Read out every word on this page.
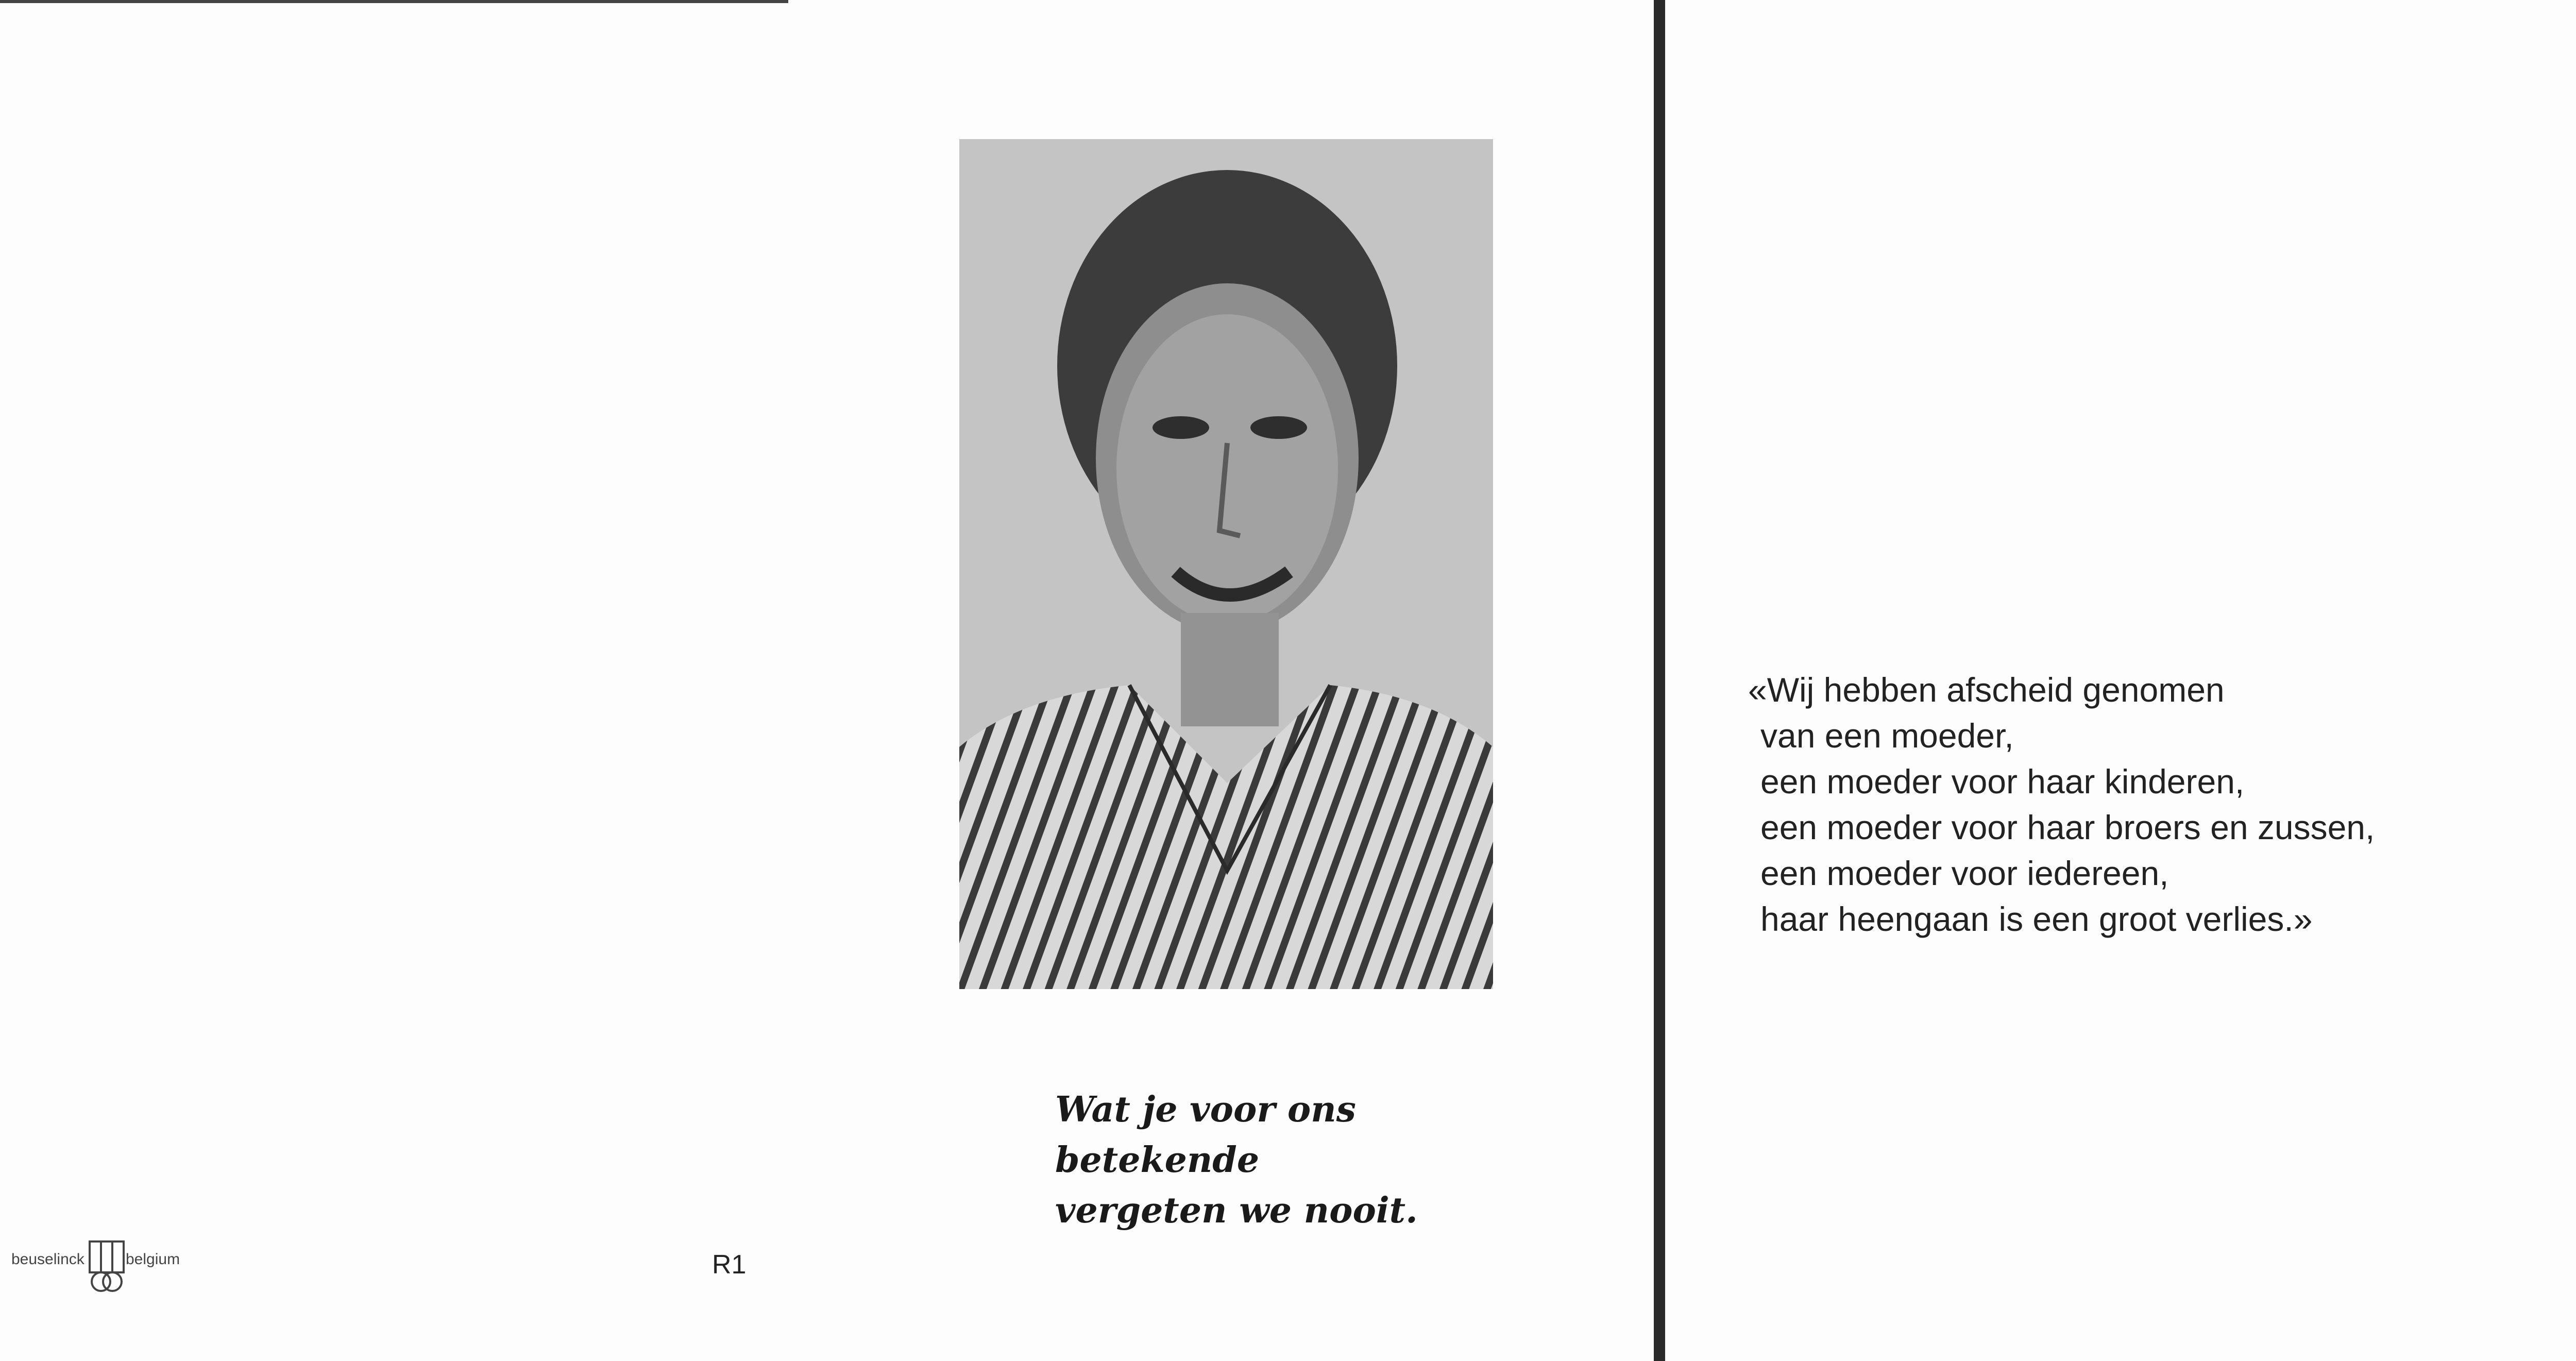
Wat je voor ons
betekende
vergeten we nooit.
beuselinck	belgium	R1
«Wij hebben afscheid genomen
van een moeder,
een moeder voor haar kinderen,
een moeder voor haar broers en zussen,
een moeder voor iedereen,
haar heengaan is een groot verlies.»
